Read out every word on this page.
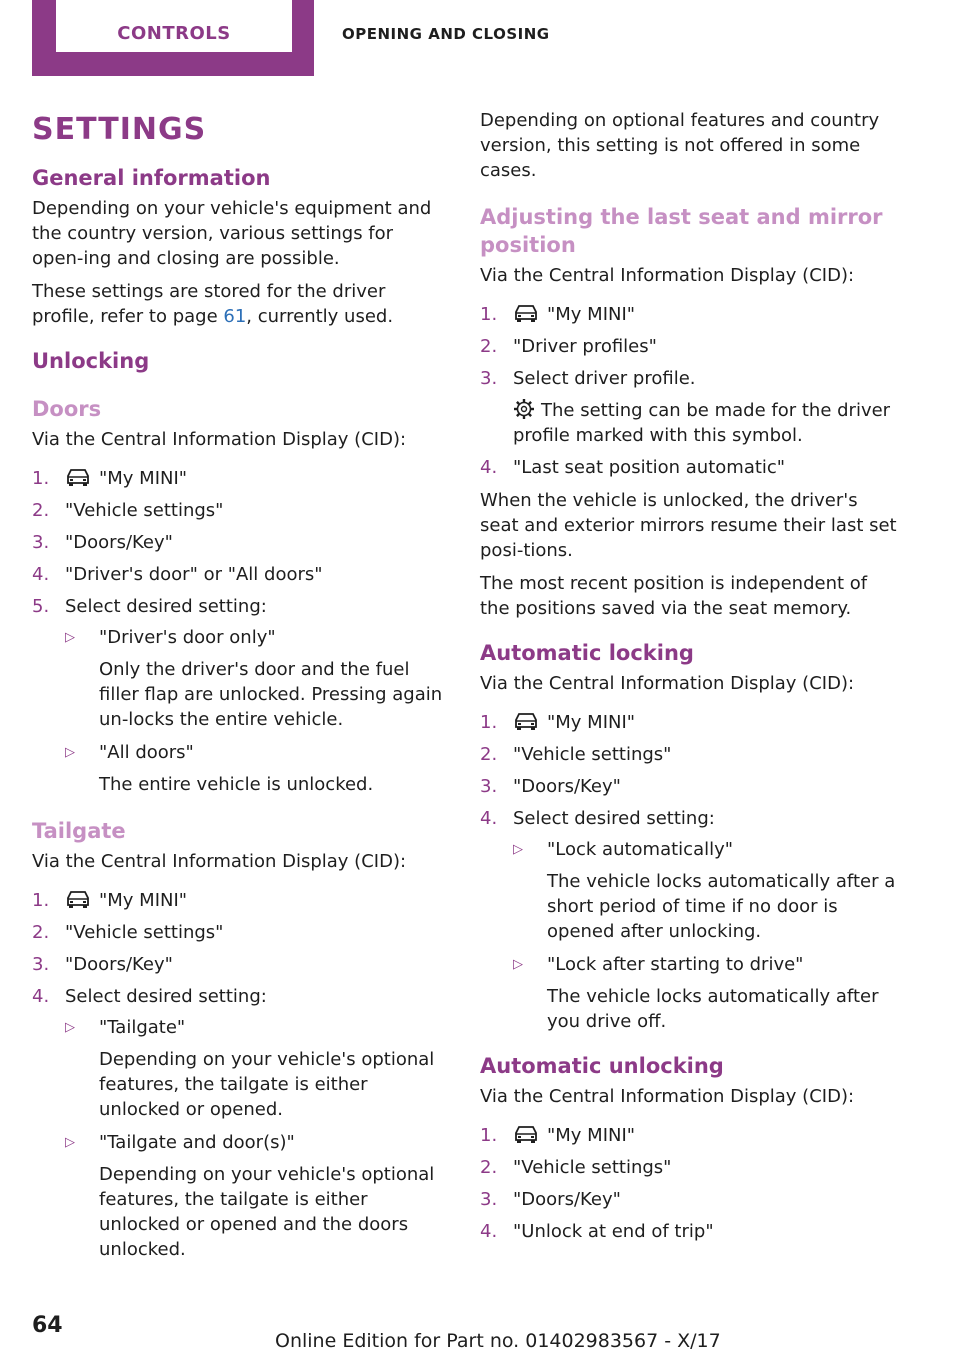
CONTROLS	OPENING AND CLOSING
SETTINGS
General information

Depending on your vehicle's equipment and the country version, various settings for open‐ing and closing are possible.

These settings are stored for the driver profile, refer to page 61, currently used.

Unlocking
Doors

Via the Central Information Display (CID):

1.	"My MINI"
2. "Vehicle settings"
3. "Doors/Key"
4. "Driver's door" or "All doors"
5. Select desired setting:
▷ "Driver's door only"

Only the driver's door and the fuel filler flap are unlocked. Pressing again un‐locks the entire vehicle.

▷ "All doors"

The entire vehicle is unlocked.

Tailgate

Via the Central Information Display (CID):

1.	"My MINI"
2. "Vehicle settings"
3. "Doors/Key"
4. Select desired setting:
▷ "Tailgate"

Depending on your vehicle's optional features, the tailgate is either unlocked or opened.

▷ "Tailgate and door(s)"

Depending on your vehicle's optional features, the tailgate is either unlocked or opened and the doors unlocked.

Depending on optional features and country version, this setting is not offered in some cases.

Adjusting the last seat and mirror position

Via the Central Information Display (CID):

1.	"My MINI"
2. "Driver profiles"
3. Select driver profile.

The setting can be made for the driver profile marked with this symbol.

4. "Last seat position automatic"

When the vehicle is unlocked, the driver's seat and exterior mirrors resume their last set posi‐tions.

The most recent position is independent of the positions saved via the seat memory.

Automatic locking

Via the Central Information Display (CID):

1.	"My MINI"
2. "Vehicle settings"
3. "Doors/Key"
4. Select desired setting:
▷ "Lock automatically"

The vehicle locks automatically after a short period of time if no door is opened after unlocking.

▷ "Lock after starting to drive"

The vehicle locks automatically after you drive off.

Automatic unlocking

Via the Central Information Display (CID):

1.	"My MINI"
2. "Vehicle settings"
3. "Doors/Key"
4. "Unlock at end of trip"
64
Online Edition for Part no. 01402983567 - X/17
